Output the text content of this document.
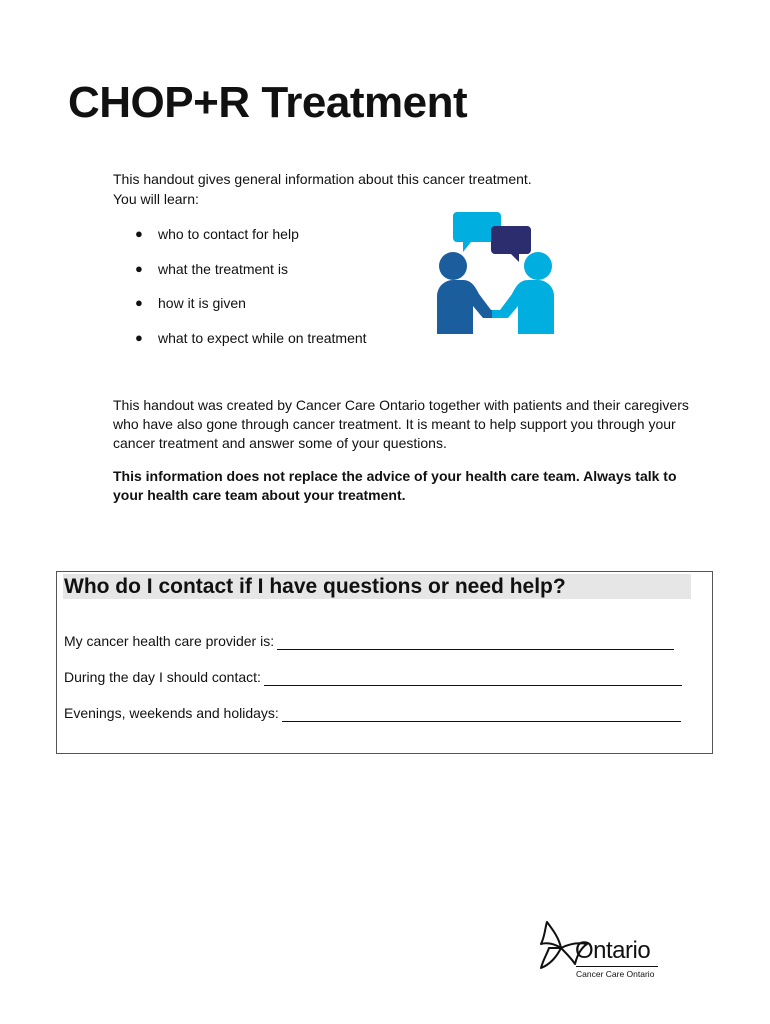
CHOP+R Treatment
This handout gives general information about this cancer treatment.
You will learn:
● who to contact for help
● what the treatment is
● how it is given
● what to expect while on treatment
This handout was created by Cancer Care Ontario together with patients and their caregivers who have also gone through cancer treatment. It is meant to help support you through your cancer treatment and answer some of your questions.
This information does not replace the advice of your health care team. Always talk to your health care team about your treatment.
Who do I contact if I have questions or need help?
My cancer health care provider is:
During the day I should contact:
Evenings, weekends and holidays:
Ontario
Cancer Care Ontario
